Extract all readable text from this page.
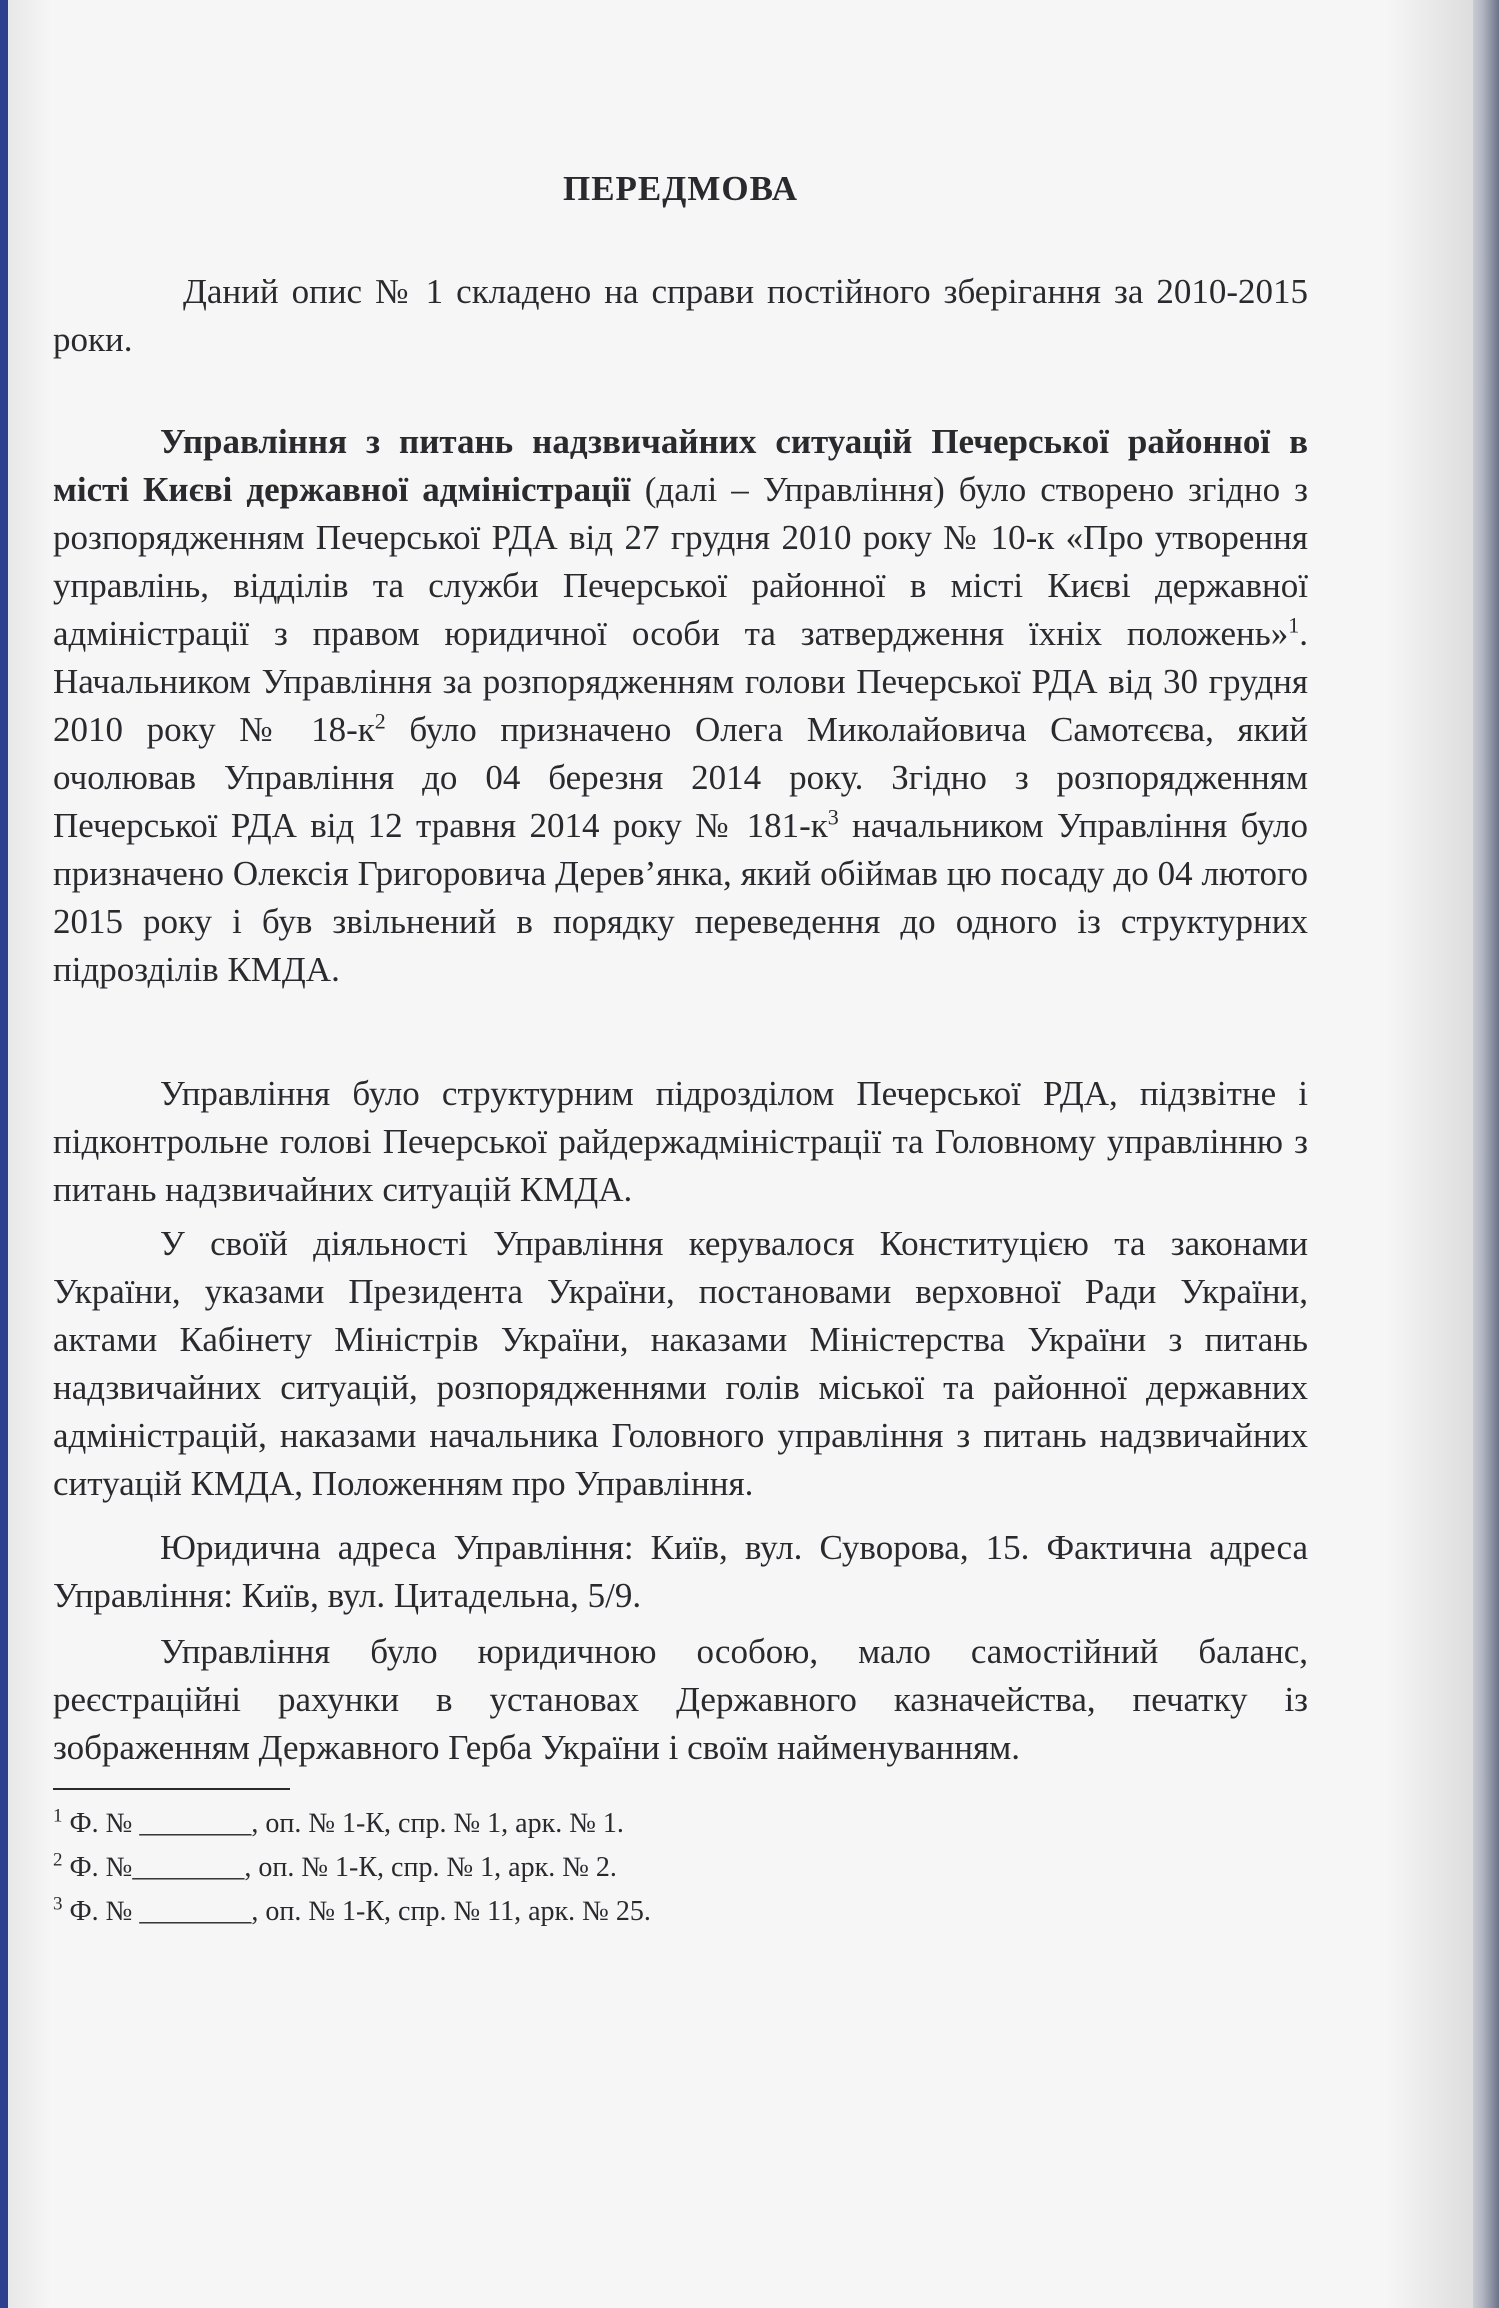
ПЕРЕДМОВА

Даний опис № 1 складено на справи постійного зберігання за 2010-2015 роки.

Управління з питань надзвичайних ситуацій Печерської районної в місті Києві державної адміністрації (далі – Управління) було створено згідно з розпорядженням Печерської РДА від 27 грудня 2010 року № 10-к «Про утворення управлінь, відділів та служби Печерської районної в місті Києві державної адміністрації з правом юридичної особи та затвердження їхніх положень»$^1$. Начальником Управління за розпорядженням голови Печерської РДА від 30 грудня 2010 року № $18-к^2$ було призначено Олега Миколайовича Самотєєва, який очолював Управління до 04 березня 2014 року. Згідно з розпорядженням Печерської РДА від 12 травня 2014 року № $181-к^3$ начальником Управління було призначено Олексія Григоровича Дерев’янка, який обіймав цю посаду до 04 лютого 2015 року і був звільнений в порядку переведення до одного із структурних підрозділів КМДА.

Управління було структурним підрозділом Печерської РДА, підзвітне і підконтрольне голові Печерської райдержадміністрації та Головному управлінню з питань надзвичайних ситуацій КМДА.

У своїй діяльності Управління керувалося Конституцією та законами України, указами Президента України, постановами верховної Ради України, актами Кабінету Міністрів України, наказами Міністерства України з питань надзвичайних ситуацій, розпорядженнями голів міської та районної державних адміністрацій, наказами начальника Головного управління з питань надзвичайних ситуацій КМДА, Положенням про Управління.

Юридична адреса Управління: Київ, вул. Суворова, 15. Фактична адреса Управління: Київ, вул. Цитадельна, 5/9.

Управління було юридичною особою, мало самостійний баланс, реєстраційні рахунки в установах Державного казначейства, печатку із зображенням Державного Герба України і своїм найменуванням.

$^1$ Ф. № ________, оп. № 1-К, спр. № 1, арк. № 1.

$^2$ Ф. №________, оп. № 1-К, спр. № 1, арк. № 2.

$^3$ Ф. № ________, оп. № 1-К, спр. № 11, арк. № 25.
